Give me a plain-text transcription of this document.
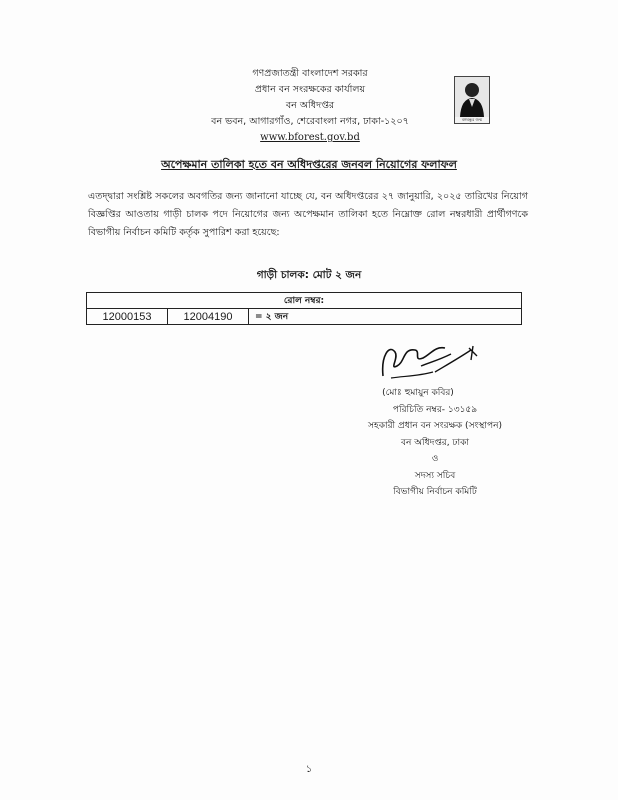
গণপ্রজাতন্ত্রী বাংলাদেশ সরকার
প্রধান বন সংরক্ষকের কার্যালয়
বন অধিদপ্তর
বন ভবন, আগারগাঁও, শেরেবাংলা নগর, ঢাকা-১২০৭
www.bforest.gov.bd
বঙ্গবন্ধুর জন্ম
অপেক্ষমান তালিকা হতে বন অধিদপ্তরের জনবল নিয়োগের ফলাফল
এতদ্দ্বারা সংশ্লিষ্ট সকলের অবগতির জন্য জানানো যাচ্ছে যে, বন অধিদপ্তরের ২৭ জানুয়ারি, ২০২৫ তারিখের নিয়োগ বিজ্ঞপ্তির আওতায় গাড়ী চালক পদে নিয়োগের জন্য অপেক্ষমান তালিকা হতে নিম্নোক্ত রোল নম্বরধারী প্রার্থীগণকে বিভাগীয় নির্বাচন কমিটি কর্তৃক সুপারিশ করা হয়েছে:
গাড়ী চালক: মোট ২ জন
রোল নম্বর:
12000153	12004190	= ২ জন
(মোঃ হুমায়ুন কবির)
পরিচিতি নম্বর- ১৩১৫৯
সহকারী প্রধান বন সংরক্ষক (সংস্থাপন)
বন অধিদপ্তর, ঢাকা
ও
সদস্য সচিব
বিভাগীয় নির্বাচন কমিটি
১
